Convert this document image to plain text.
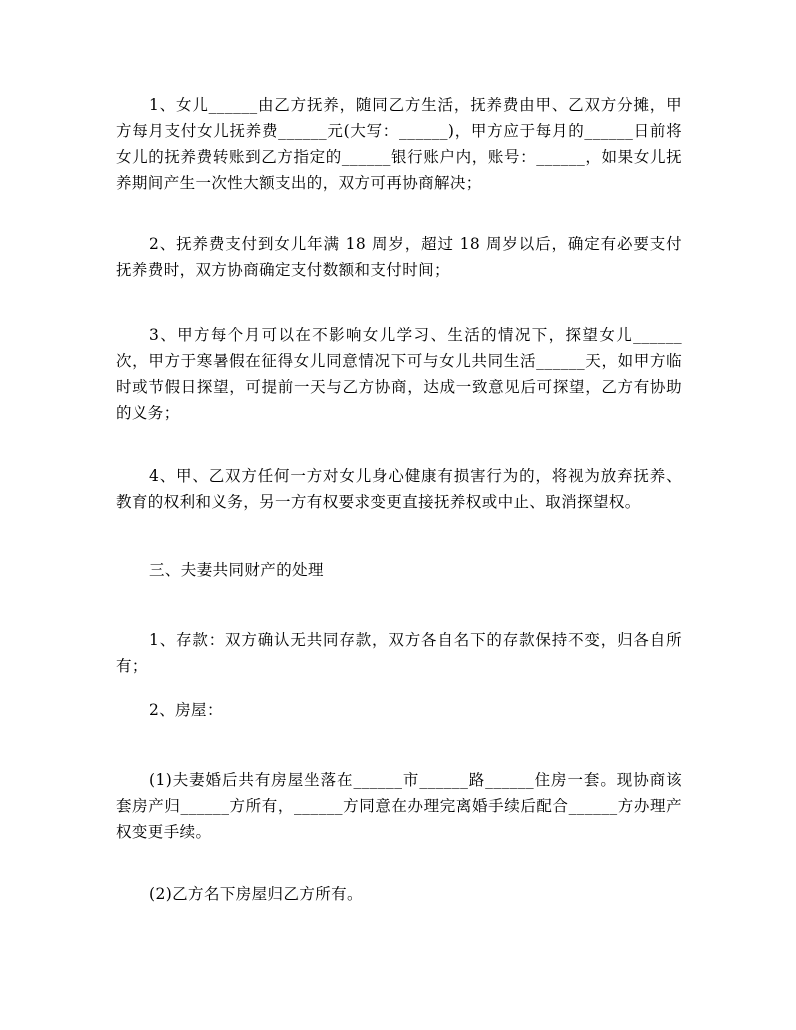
1、女儿______由乙方抚养，随同乙方生活，抚养费由甲、乙双方分摊，甲方每月支付女儿抚养费______元(大写：______)，甲方应于每月的______日前将女儿的抚养费转账到乙方指定的______银行账户内，账号：______，如果女儿抚养期间产生一次性大额支出的，双方可再协商解决；

2、抚养费支付到女儿年满 18 周岁，超过 18 周岁以后，确定有必要支付抚养费时，双方协商确定支付数额和支付时间；

3、甲方每个月可以在不影响女儿学习、生活的情况下，探望女儿______次，甲方于寒暑假在征得女儿同意情况下可与女儿共同生活______天，如甲方临时或节假日探望，可提前一天与乙方协商，达成一致意见后可探望，乙方有协助的义务；

4、甲、乙双方任何一方对女儿身心健康有损害行为的，将视为放弃抚养、教育的权利和义务，另一方有权要求变更直接抚养权或中止、取消探望权。

三、夫妻共同财产的处理

1、存款：双方确认无共同存款，双方各自名下的存款保持不变，归各自所有；

2、房屋：

(1)夫妻婚后共有房屋坐落在______市______路______住房一套。现协商该套房产归______方所有，______方同意在办理完离婚手续后配合______方办理产权变更手续。

(2)乙方名下房屋归乙方所有。
